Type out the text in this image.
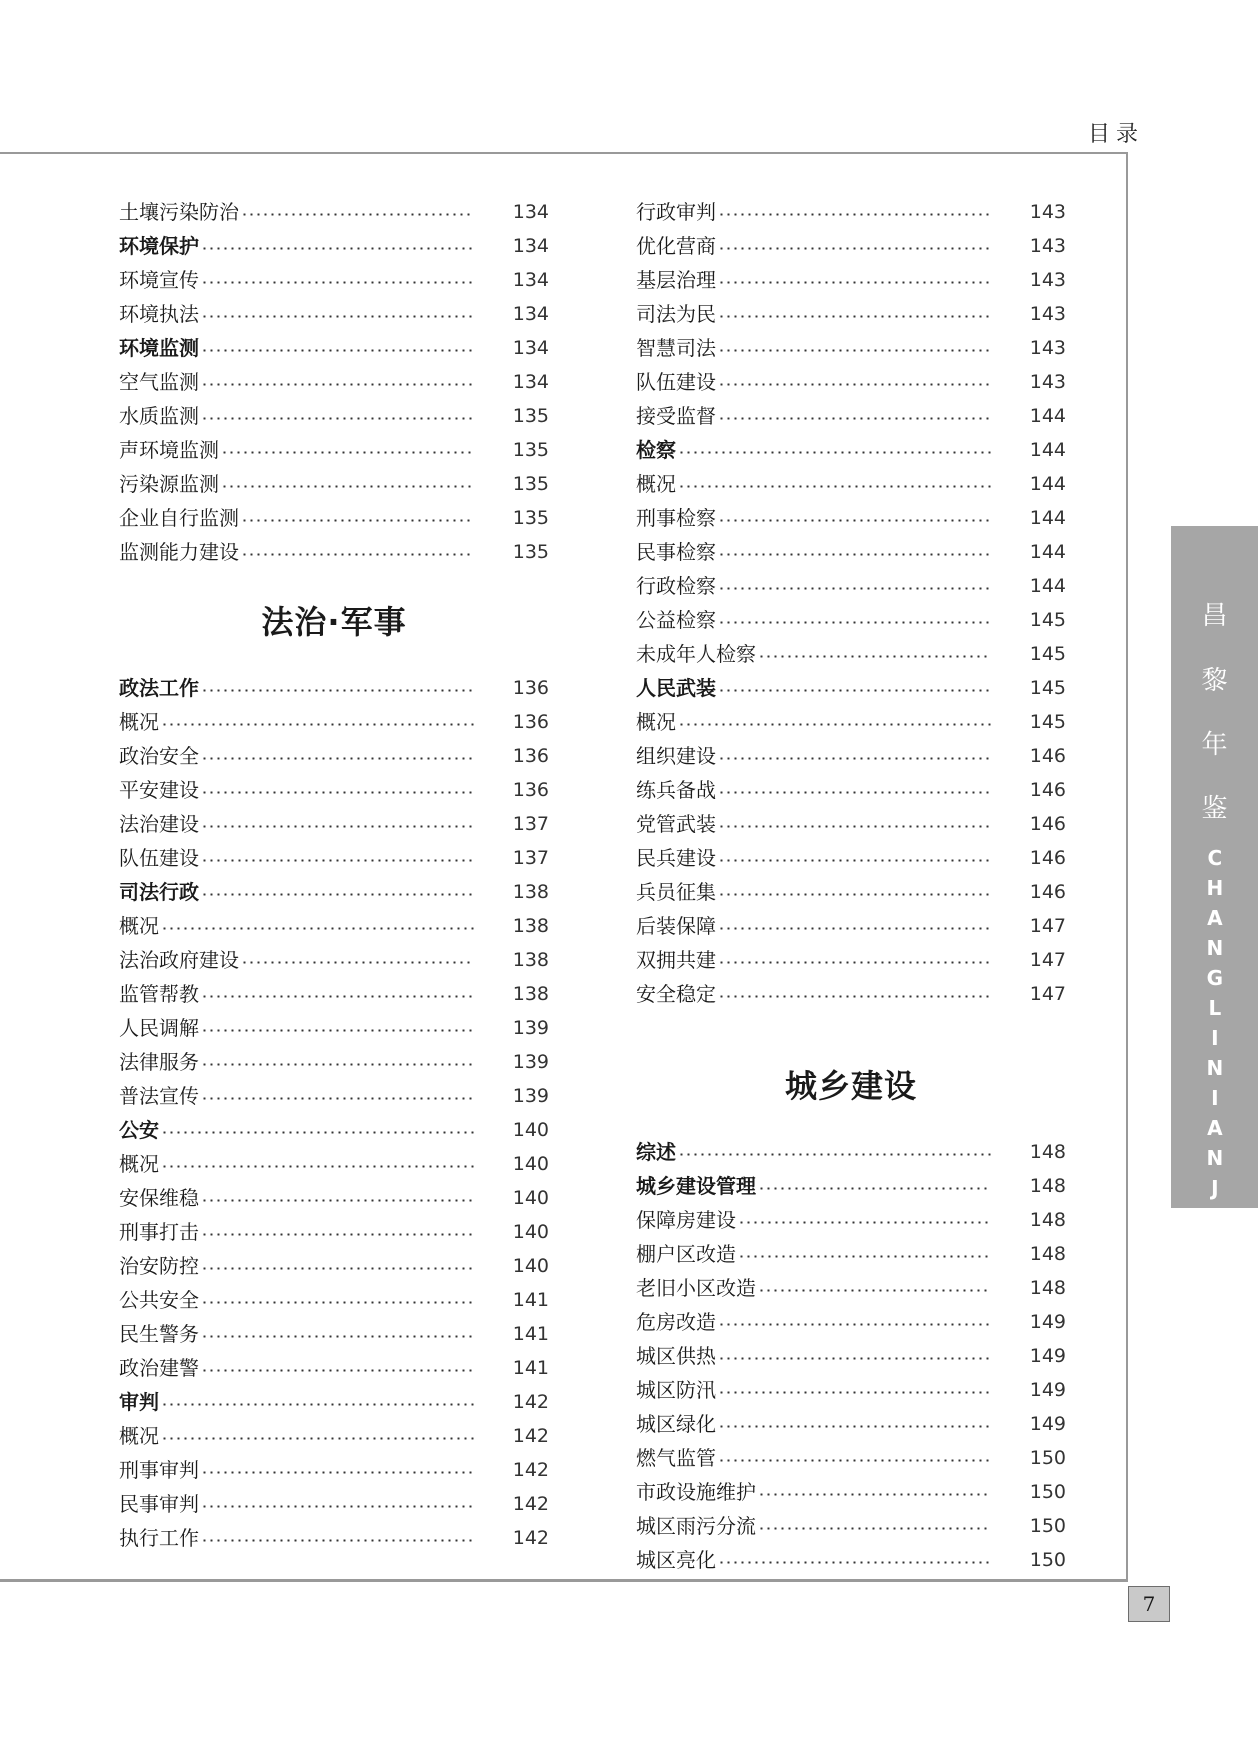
目录
昌
黎
年
鉴
CHANGLINIANJIAN
7
土壤污染防治	134
环境保护	134
环境宣传	134
环境执法	134
环境监测	134
空气监测	134
水质监测	135
声环境监测	135
污染源监测	135
企业自行监测	135
监测能力建设	135
法治·军事
政法工作	136
概况	136
政治安全	136
平安建设	136
法治建设	137
队伍建设	137
司法行政	138
概况	138
法治政府建设	138
监管帮教	138
人民调解	139
法律服务	139
普法宣传	139
公安	140
概况	140
安保维稳	140
刑事打击	140
治安防控	140
公共安全	141
民生警务	141
政治建警	141
审判	142
概况	142
刑事审判	142
民事审判	142
执行工作	142
行政审判	143
优化营商	143
基层治理	143
司法为民	143
智慧司法	143
队伍建设	143
接受监督	144
检察	144
概况	144
刑事检察	144
民事检察	144
行政检察	144
公益检察	145
未成年人检察	145
人民武装	145
概况	145
组织建设	146
练兵备战	146
党管武装	146
民兵建设	146
兵员征集	146
后装保障	147
双拥共建	147
安全稳定	147
城乡建设
综述	148
城乡建设管理	148
保障房建设	148
棚户区改造	148
老旧小区改造	148
危房改造	149
城区供热	149
城区防汛	149
城区绿化	149
燃气监管	150
市政设施维护	150
城区雨污分流	150
城区亮化	150
